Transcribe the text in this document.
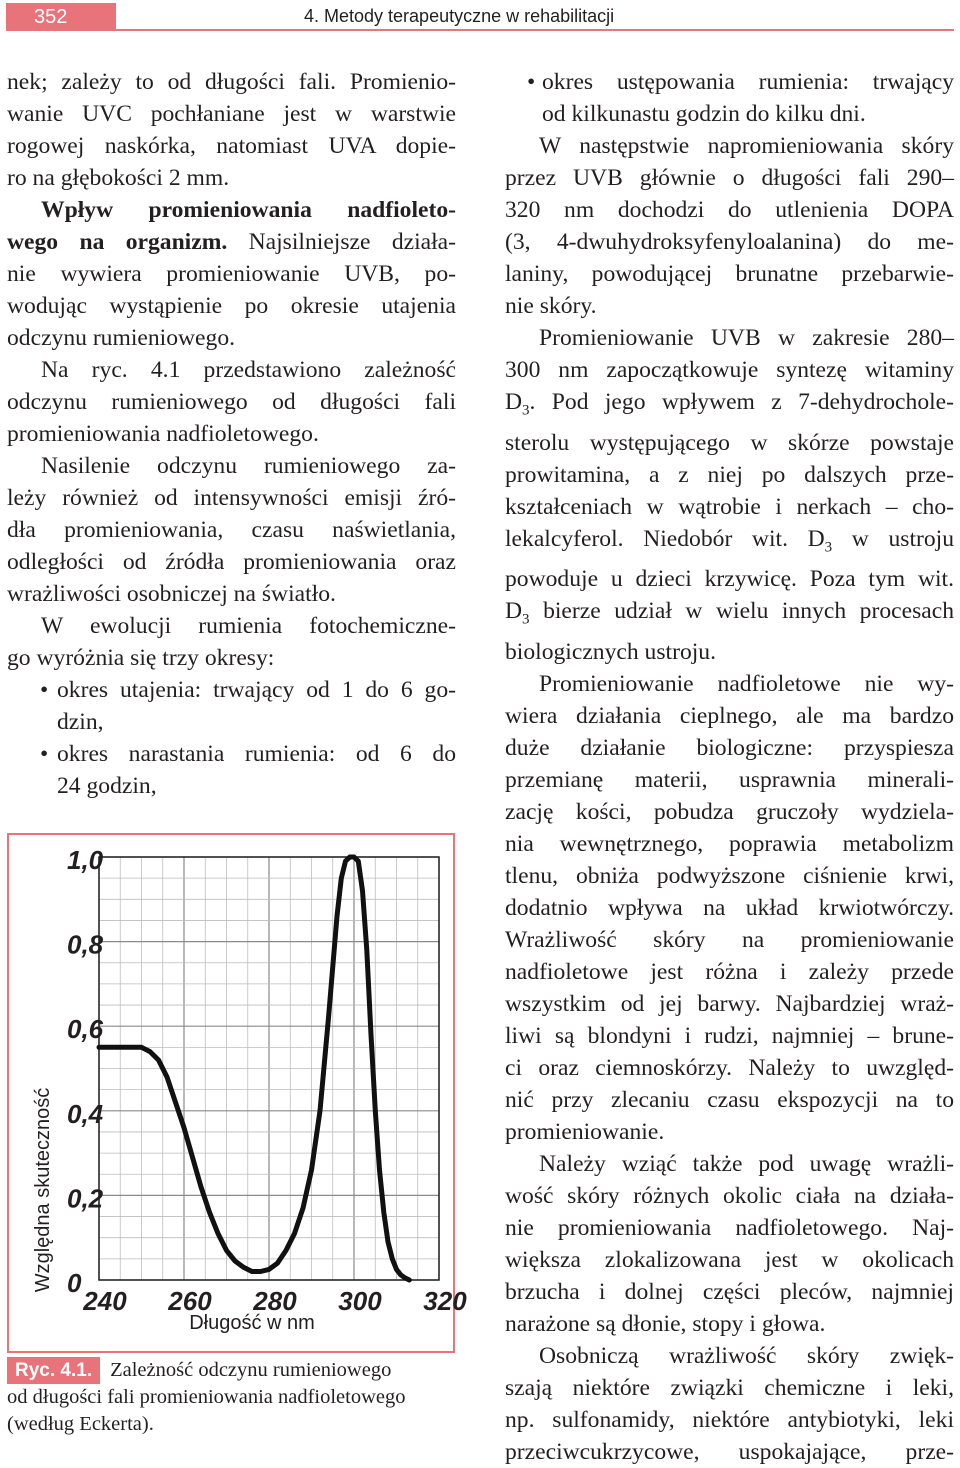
352	4. Metody terapeutyczne w rehabilitacji
nek; zależy to od długości fali. Promienio-
wanie UVC pochłaniane jest w warstwie
rogowej naskórka, natomiast UVA dopie-
ro na głębokości 2 mm.
Wpływ promieniowania nadfioleto-
wego na organizm. Najsilniejsze działa-
nie wywiera promieniowanie UVB, po-
wodując wystąpienie po okresie utajenia
odczynu rumieniowego.
Na ryc. 4.1 przedstawiono zależność
odczynu rumieniowego od długości fali
promieniowania nadfioletowego.
Nasilenie odczynu rumieniowego za-
leży również od intensywności emisji źró-
dła promieniowania, czasu naświetlania,
odległości od źródła promieniowania oraz
wrażliwości osobniczej na światło.
W ewolucji rumienia fotochemiczne-
go wyróżnia się trzy okresy:
• okres utajenia: trwający od 1 do 6 go-
dzin,
• okres narastania rumienia: od 6 do
24 godzin,
1,0
0,8
0,6
0,4
0,2
0
240 260 280 300 320
Względna skuteczność
Długość w nm
Ryc. 4.1. Zależność odczynu rumieniowego
od długości fali promieniowania nadfioletowego
(według Eckerta).
• okres ustępowania rumienia: trwający
od kilkunastu godzin do kilku dni.
W następstwie napromieniowania skóry
przez UVB głównie o długości fali 290–
320 nm dochodzi do utlenienia DOPA
(3, 4-dwuhydroksyfenyloalanina) do me-
laniny, powodującej brunatne przebarwie-
nie skóry.
Promieniowanie UVB w zakresie 280–
300 nm zapoczątkowuje syntezę witaminy
$D_3$. Pod jego wpływem z 7-dehydrochole-
sterolu występującego w skórze powstaje
prowitamina, a z niej po dalszych prze-
kształceniach w wątrobie i nerkach – cho-
lekalcyferol. Niedobór wit. $D_3$ w ustroju
powoduje u dzieci krzywicę. Poza tym wit.
$D_3$ bierze udział w wielu innych procesach
biologicznych ustroju.
Promieniowanie nadfioletowe nie wy-
wiera działania cieplnego, ale ma bardzo
duże działanie biologiczne: przyspiesza
przemianę materii, usprawnia minerali-
zację kości, pobudza gruczoły wydziela-
nia wewnętrznego, poprawia metabolizm
tlenu, obniża podwyższone ciśnienie krwi,
dodatnio wpływa na układ krwiotwórczy.
Wrażliwość skóry na promieniowanie
nadfioletowe jest różna i zależy przede
wszystkim od jej barwy. Najbardziej wraż-
liwi są blondyni i rudzi, najmniej – brune-
ci oraz ciemnoskórzy. Należy to uwzględ-
nić przy zlecaniu czasu ekspozycji na to
promieniowanie.
Należy wziąć także pod uwagę wrażli-
wość skóry różnych okolic ciała na działa-
nie promieniowania nadfioletowego. Naj-
większa zlokalizowana jest w okolicach
brzucha i dolnej części pleców, najmniej
narażone są dłonie, stopy i głowa.
Osobniczą wrażliwość skóry zwięk-
szają niektóre związki chemiczne i leki,
np. sulfonamidy, niektóre antybiotyki, leki
przeciwcukrzycowe, uspokajające, prze-
